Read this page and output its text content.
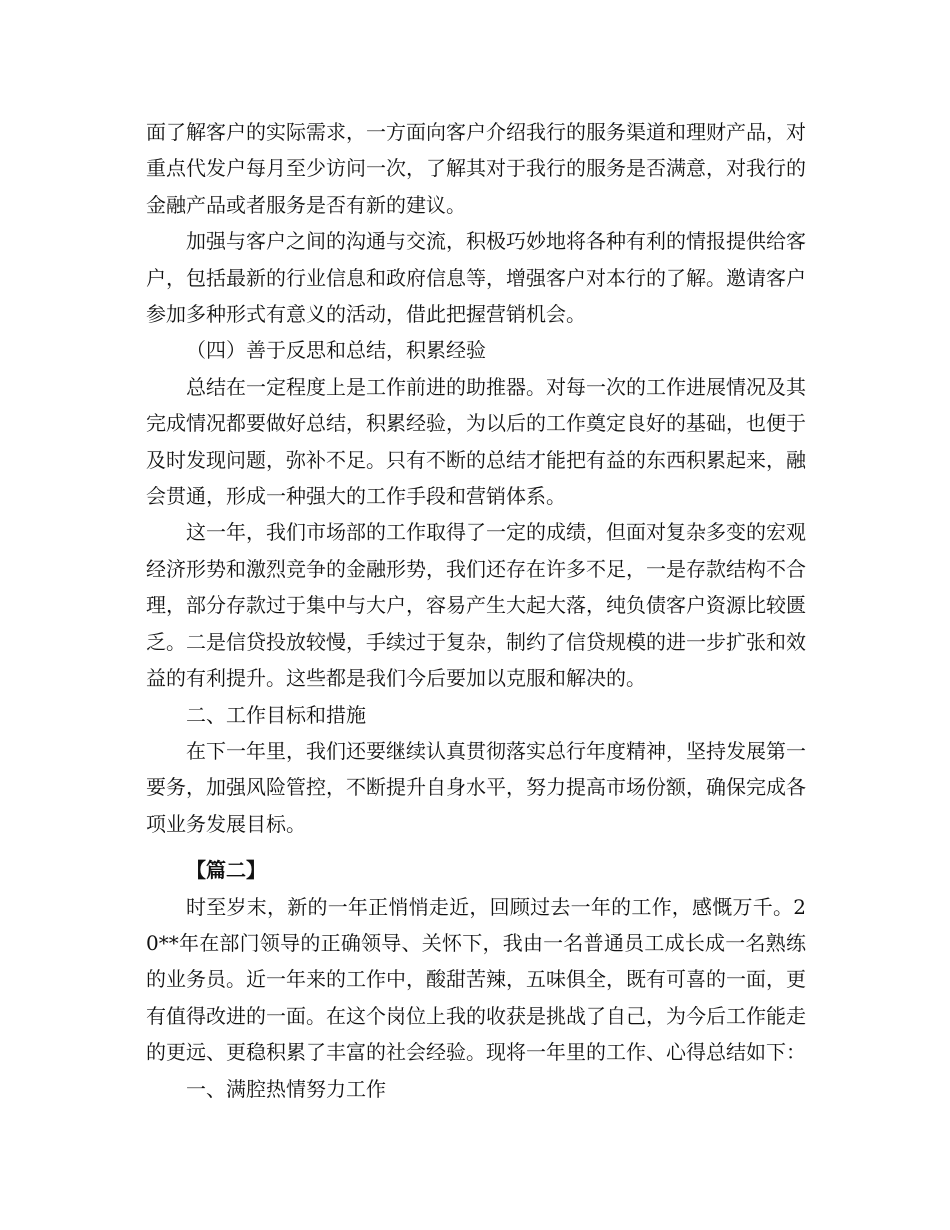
面了解客户的实际需求，一方面向客户介绍我行的服务渠道和理财产品，对重点代发户每月至少访问一次，了解其对于我行的服务是否满意，对我行的金融产品或者服务是否有新的建议。

加强与客户之间的沟通与交流，积极巧妙地将各种有利的情报提供给客户，包括最新的行业信息和政府信息等，增强客户对本行的了解。邀请客户参加多种形式有意义的活动，借此把握营销机会。

（四）善于反思和总结，积累经验

总结在一定程度上是工作前进的助推器。对每一次的工作进展情况及其完成情况都要做好总结，积累经验，为以后的工作奠定良好的基础，也便于及时发现问题，弥补不足。只有不断的总结才能把有益的东西积累起来，融会贯通，形成一种强大的工作手段和营销体系。

这一年，我们市场部的工作取得了一定的成绩，但面对复杂多变的宏观经济形势和激烈竞争的金融形势，我们还存在许多不足，一是存款结构不合理，部分存款过于集中与大户，容易产生大起大落，纯负债客户资源比较匮乏。二是信贷投放较慢，手续过于复杂，制约了信贷规模的进一步扩张和效益的有利提升。这些都是我们今后要加以克服和解决的。

二、工作目标和措施

在下一年里，我们还要继续认真贯彻落实总行年度精神，坚持发展第一要务，加强风险管控，不断提升自身水平，努力提高市场份额，确保完成各项业务发展目标。

【篇二】

时至岁末，新的一年正悄悄走近，回顾过去一年的工作，感慨万千。20**年在部门领导的正确领导、关怀下，我由一名普通员工成长成一名熟练的业务员。近一年来的工作中，酸甜苦辣，五味俱全，既有可喜的一面，更有值得改进的一面。在这个岗位上我的收获是挑战了自己，为今后工作能走的更远、更稳积累了丰富的社会经验。现将一年里的工作、心得总结如下：

一、满腔热情努力工作
